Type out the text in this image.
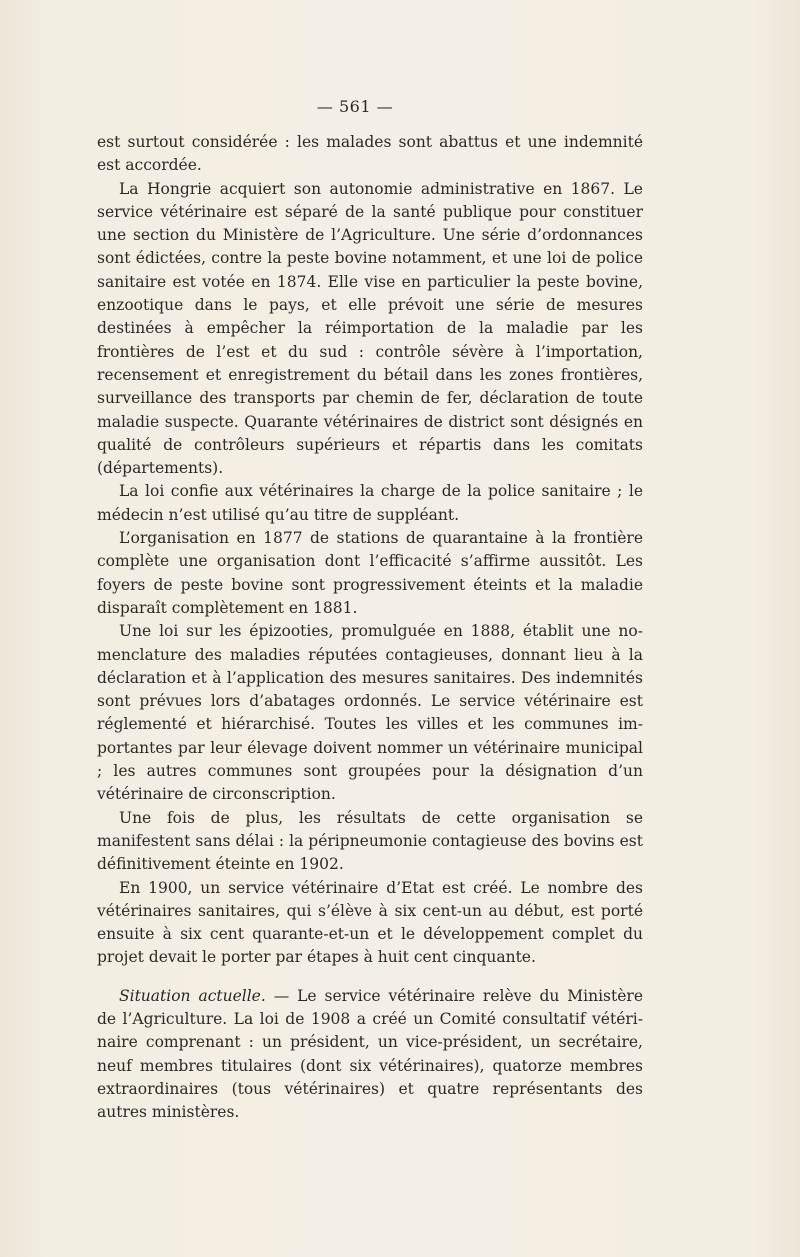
— 561 —

est surtout considérée : les malades sont abattus et une indemnité est accordée.

La Hongrie acquiert son autonomie administrative en 1867. Le service vétérinaire est séparé de la santé publique pour constituer une section du Ministère de l’Agriculture. Une série d’ordonnances sont édictées, contre la peste bovine notamment, et une loi de police sanitaire est votée en 1874. Elle vise en particulier la peste bovine, enzootique dans le pays, et elle prévoit une série de mesures destinées à empêcher la réimportation de la maladie par les frontières de l’est et du sud : contrôle sévère à l’importation, recensement et enregistrement du bétail dans les zones frontières, surveillance des transports par chemin de fer, déclaration de toute maladie suspecte. Quarante vétérinaires de district sont désignés en qualité de contrôleurs supérieurs et répartis dans les comitats (départements).

La loi confie aux vétérinaires la charge de la police sanitaire ; le médecin n’est utilisé qu’au titre de suppléant.

L’organisation en 1877 de stations de quarantaine à la frontière complète une organisation dont l’efficacité s’affirme aussitôt. Les foyers de peste bovine sont progressivement éteints et la maladie disparaît complètement en 1881.

Une loi sur les épizooties, promulguée en 1888, établit une nomenclature des maladies réputées contagieuses, donnant lieu à la déclaration et à l’application des mesures sanitaires. Des indemnités sont prévues lors d’abatages ordonnés. Le service vétérinaire est réglementé et hiérarchisé. Toutes les villes et les communes importantes par leur élevage doivent nommer un vétérinaire municipal ; les autres communes sont groupées pour la désignation d’un vétérinaire de circonscription.

Une fois de plus, les résultats de cette organisation se manifestent sans délai : la péripneumonie contagieuse des bovins est définitivement éteinte en 1902.

En 1900, un service vétérinaire d’Etat est créé. Le nombre des vétérinaires sanitaires, qui s’élève à six cent-un au début, est porté ensuite à six cent quarante-et-un et le développement complet du projet devait le porter par étapes à huit cent cinquante.

Situation actuelle. — Le service vétérinaire relève du Ministère de l’Agriculture. La loi de 1908 a créé un Comité consultatif vétérinaire comprenant : un président, un vice-président, un secrétaire, neuf membres titulaires (dont six vétérinaires), quatorze membres extraordinaires (tous vétérinaires) et quatre représentants des autres ministères.
